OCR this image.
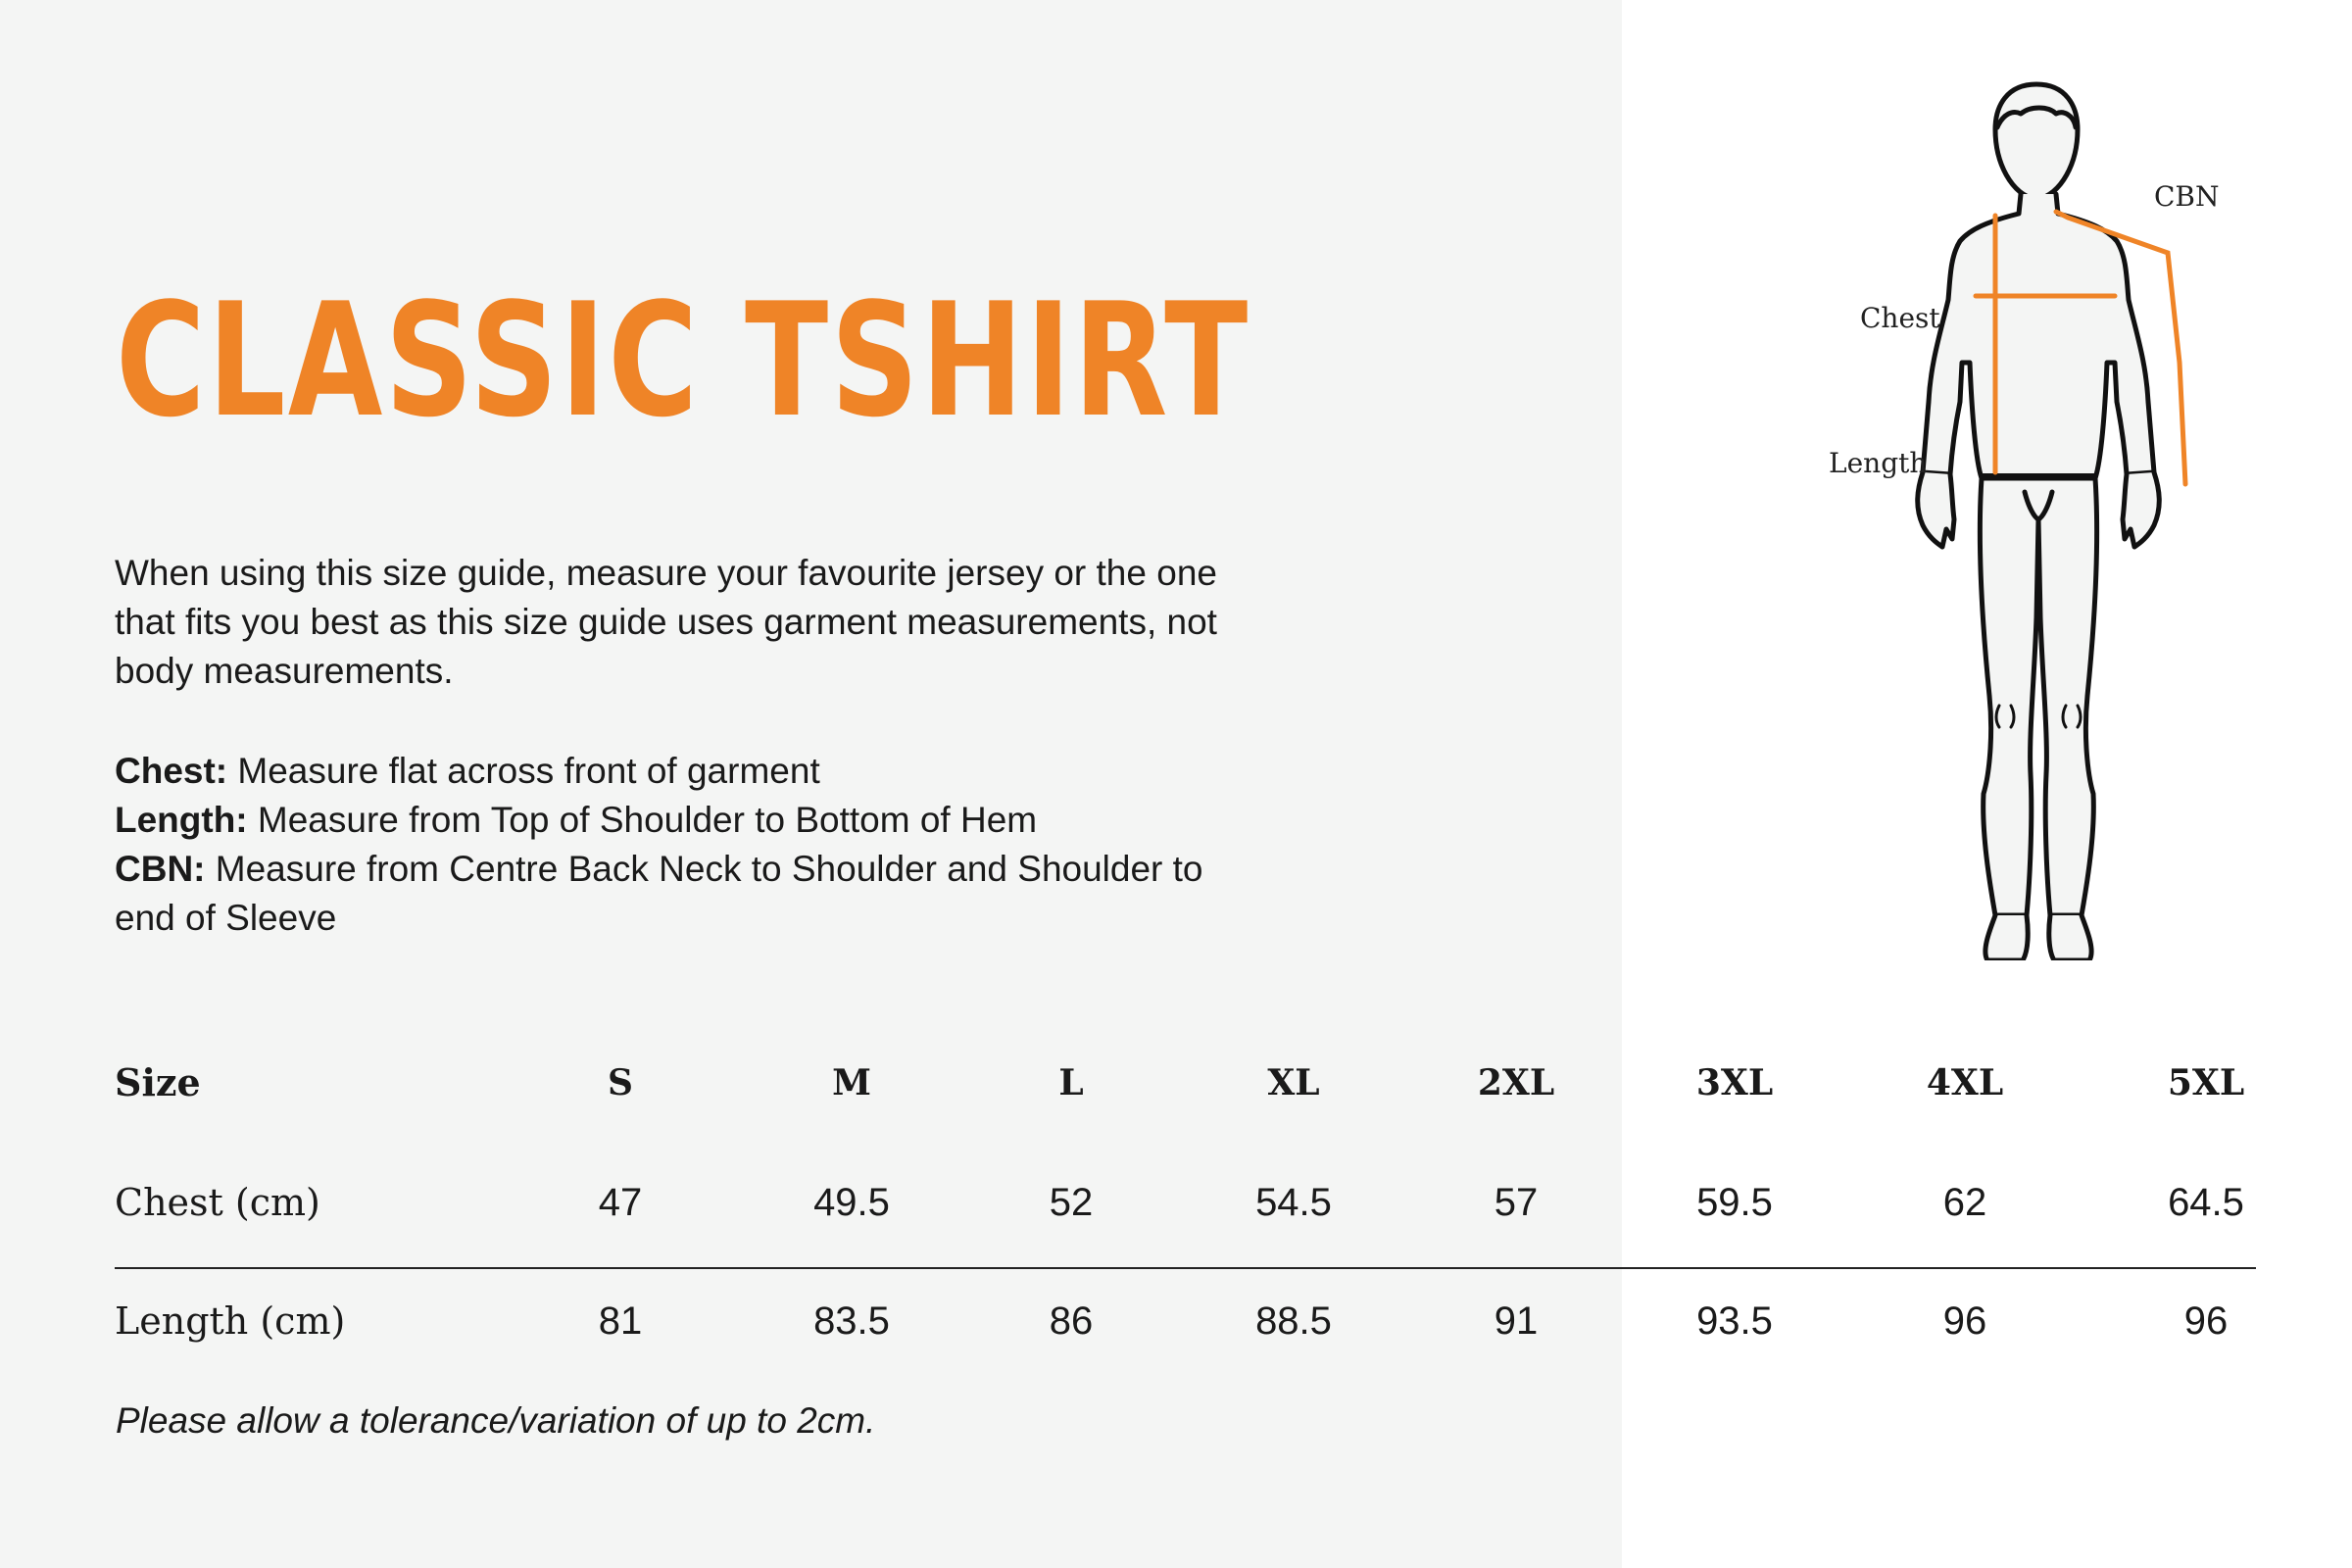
CLASSIC TSHIRT

When using this size guide, measure your favourite jersey or the one that fits you best as this size guide uses garment measurements, not body measurements.

Chest: Measure flat across front of garment

Length: Measure from Top of Shoulder to Bottom of Hem

CBN: Measure from Centre Back Neck to Shoulder and Shoulder to end of Sleeve

CBN
Chest
Length
Size	S	M	L	XL	2XL	3XL	4XL	5XL
Chest (cm)	47	49.5	52	54.5	57	59.5	62	64.5
Length (cm)	81	83.5	86	88.5	91	93.5	96	96

Please allow a tolerance/variation of up to 2cm.
